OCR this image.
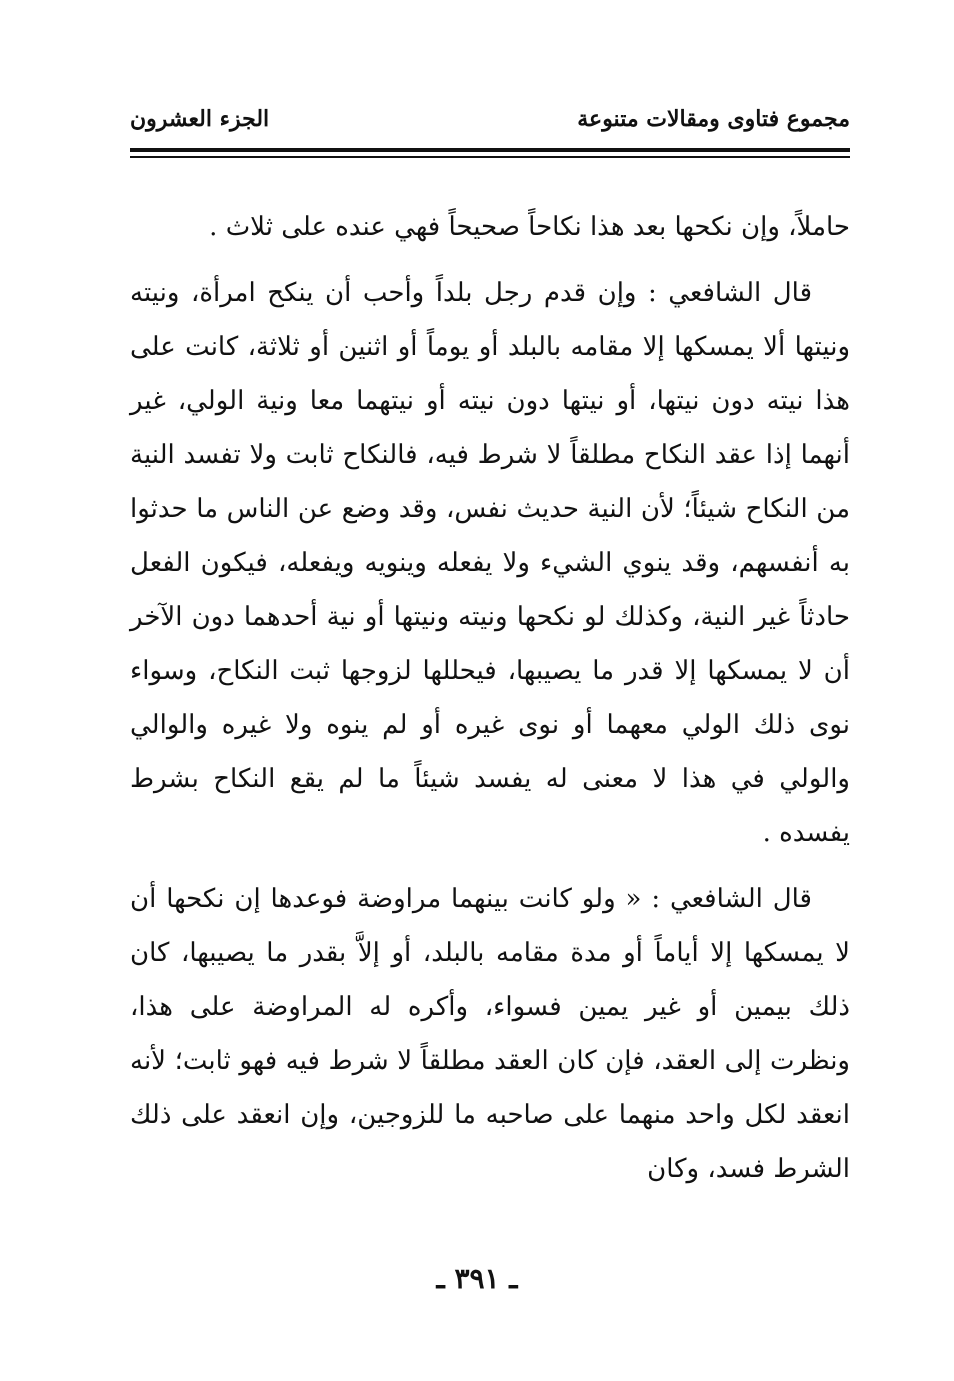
مجموع فتاوى ومقالات متنوعة
الجزء العشرون

حاملاً، وإن نكحها بعد هذا نكاحاً صحيحاً فهي عنده على ثلاث .

قال الشافعي : وإن قدم رجل بلداً وأحب أن ينكح امرأة، ونيته ونيتها ألا يمسكها إلا مقامه بالبلد أو يوماً أو اثنين أو ثلاثة، كانت على هذا نيته دون نيتها، أو نيتها دون نيته أو نيتهما معا ونية الولي، غير أنهما إذا عقد النكاح مطلقاً لا شرط فيه، فالنكاح ثابت ولا تفسد النية من النكاح شيئاً؛ لأن النية حديث نفس، وقد وضع عن الناس ما حدثوا به أنفسهم، وقد ينوي الشيء ولا يفعله وينويه ويفعله، فيكون الفعل حادثاً غير النية، وكذلك لو نكحها ونيته ونيتها أو نية أحدهما دون الآخر أن لا يمسكها إلا قدر ما يصيبها، فيحللها لزوجها ثبت النكاح، وسواء نوى ذلك الولي معهما أو نوى غيره أو لم ينوه ولا غيره والوالي والولي في هذا لا معنى له يفسد شيئاً ما لم يقع النكاح بشرط يفسده .

قال الشافعي : « ولو كانت بينهما مراوضة فوعدها إن نكحها أن لا يمسكها إلا أياماً أو مدة مقامه بالبلد، أو إلاَّ بقدر ما يصيبها، كان ذلك بيمين أو غير يمين فسواء، وأكره له المراوضة على هذا، ونظرت إلى العقد، فإن كان العقد مطلقاً لا شرط فيه فهو ثابت؛ لأنه انعقد لكل واحد منهما على صاحبه ما للزوجين، وإن انعقد على ذلك الشرط فسد، وكان

ـ ٣٩١ ـ
